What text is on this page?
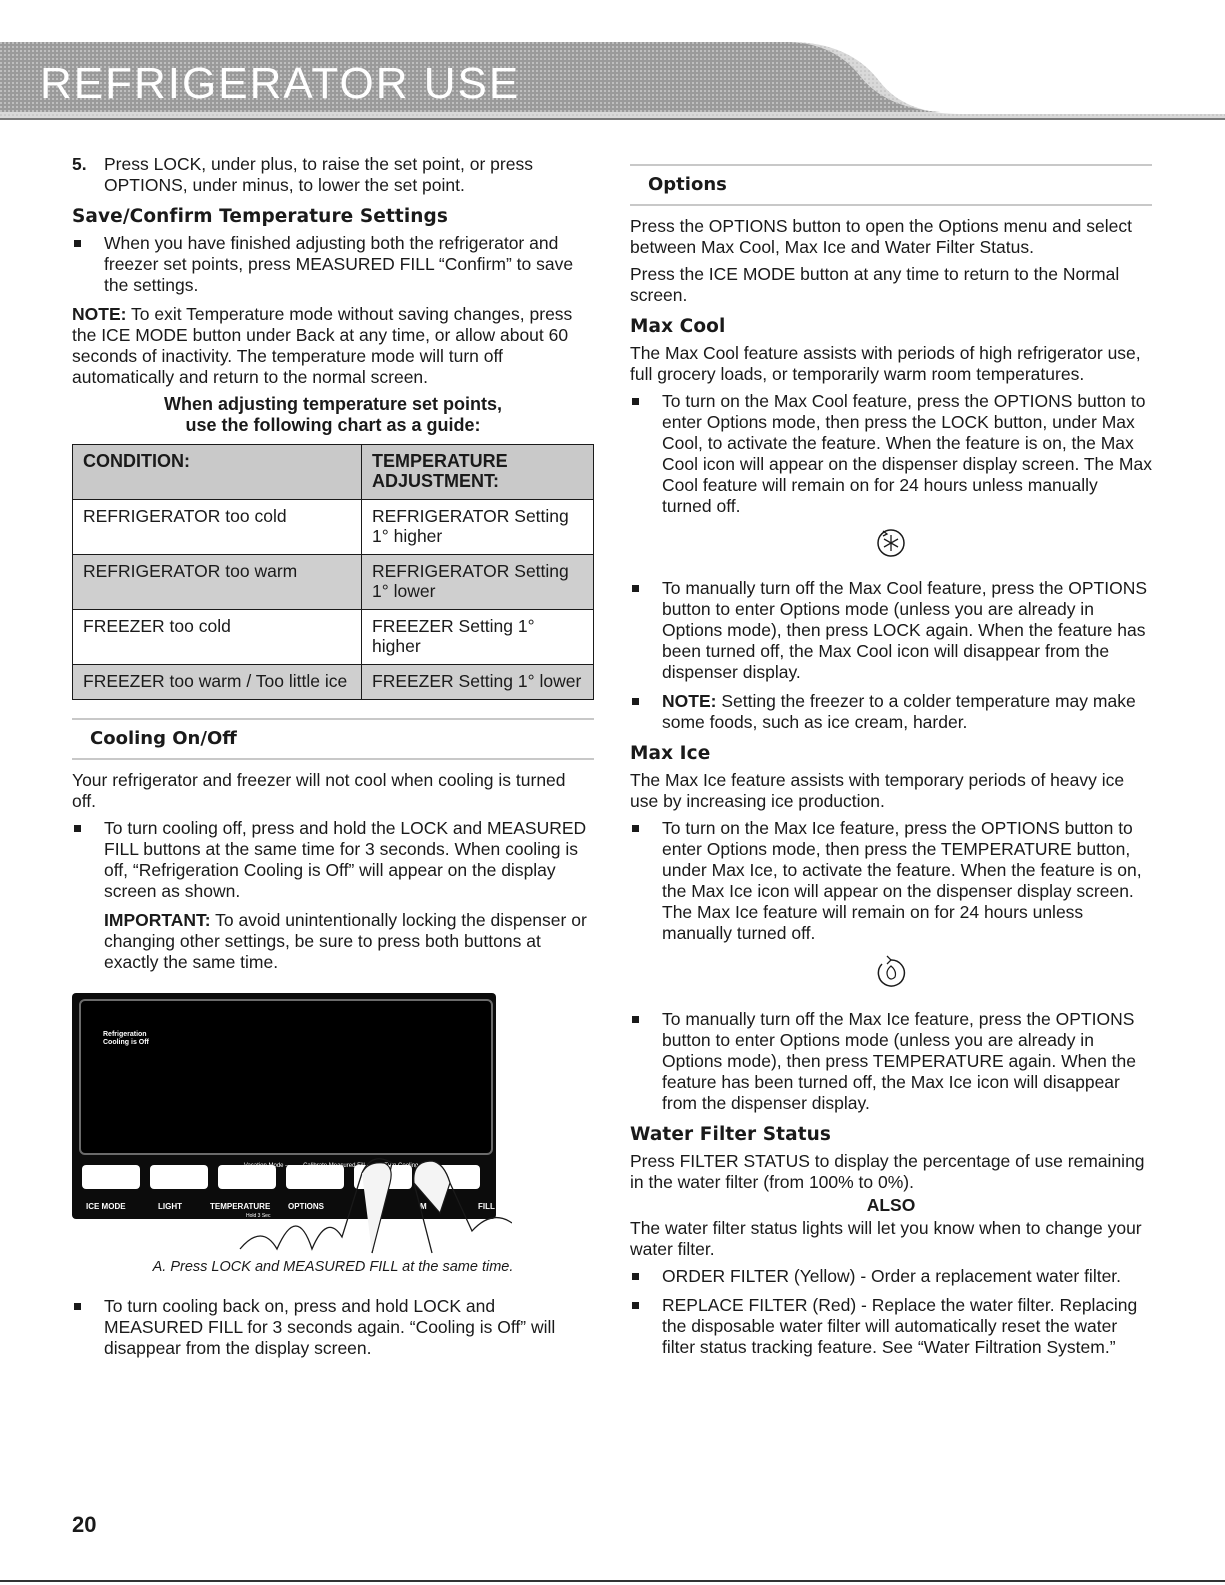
REFRIGERATOR USE
5. Press LOCK, under plus, to raise the set point, or press OPTIONS, under minus, to lower the set point.
Save/Confirm Temperature Settings
When you have finished adjusting both the refrigerator and freezer set points, press MEASURED FILL “Confirm” to save the settings.

NOTE: To exit Temperature mode without saving changes, press the ICE MODE button under Back at any time, or allow about 60 seconds of inactivity. The temperature mode will turn off automatically and return to the normal screen.

When adjusting temperature set points,
use the following chart as a guide:
CONDITION:	TEMPERATURE ADJUSTMENT:
REFRIGERATOR too cold	REFRIGERATOR Setting 1° higher
REFRIGERATOR too warm	REFRIGERATOR Setting 1° lower
FREEZER too cold	FREEZER Setting 1° higher
FREEZER too warm / Too little ice	FREEZER Setting 1° lower
Cooling On/Off

Your refrigerator and freezer will not cool when cooling is turned off.

To turn cooling off, press and hold the LOCK and MEASURED FILL buttons at the same time for 3 seconds. When cooling is off, “Refrigeration Cooling is Off” will appear on the display screen as shown.

IMPORTANT: To avoid unintentionally locking the dispenser or changing other settings, be sure to press both buttons at exactly the same time.

Refrigeration
Cooling is Off
Mode
ICE MODE	LIGHT	TEMPERATURE OPTIONS	M	FILL
Hold 3 Sec
A. Press LOCK and MEASURED FILL at the same time.
To turn cooling back on, press and hold LOCK and MEASURED FILL for 3 seconds again. “Cooling is Off” will disappear from the display screen.
Options

Press the OPTIONS button to open the Options menu and select between Max Cool, Max Ice and Water Filter Status.

Press the ICE MODE button at any time to return to the Normal screen.

Max Cool

The Max Cool feature assists with periods of high refrigerator use, full grocery loads, or temporarily warm room temperatures.

To turn on the Max Cool feature, press the OPTIONS button to enter Options mode, then press the LOCK button, under Max Cool, to activate the feature. When the feature is on, the Max Cool icon will appear on the dispenser display screen. The Max Cool feature will remain on for 24 hours unless manually turned off.
To manually turn off the Max Cool feature, press the OPTIONS button to enter Options mode (unless you are already in Options mode), then press LOCK again. When the feature has been turned off, the Max Cool icon will disappear from the dispenser display.
NOTE: Setting the freezer to a colder temperature may make some foods, such as ice cream, harder.
Max Ice

The Max Ice feature assists with temporary periods of heavy ice use by increasing ice production.

To turn on the Max Ice feature, press the OPTIONS button to enter Options mode, then press the TEMPERATURE button, under Max Ice, to activate the feature. When the feature is on, the Max Ice icon will appear on the dispenser display screen. The Max Ice feature will remain on for 24 hours unless manually turned off.
To manually turn off the Max Ice feature, press the OPTIONS button to enter Options mode (unless you are already in Options mode), then press TEMPERATURE again. When the feature has been turned off, the Max Ice icon will disappear from the dispenser display.
Water Filter Status

Press FILTER STATUS to display the percentage of use remaining in the water filter (from 100% to 0%).

ALSO

The water filter status lights will let you know when to change your water filter.

ORDER FILTER (Yellow) - Order a replacement water filter.
REPLACE FILTER (Red) - Replace the water filter. Replacing the disposable water filter will automatically reset the water filter status tracking feature. See “Water Filtration System.”
20
